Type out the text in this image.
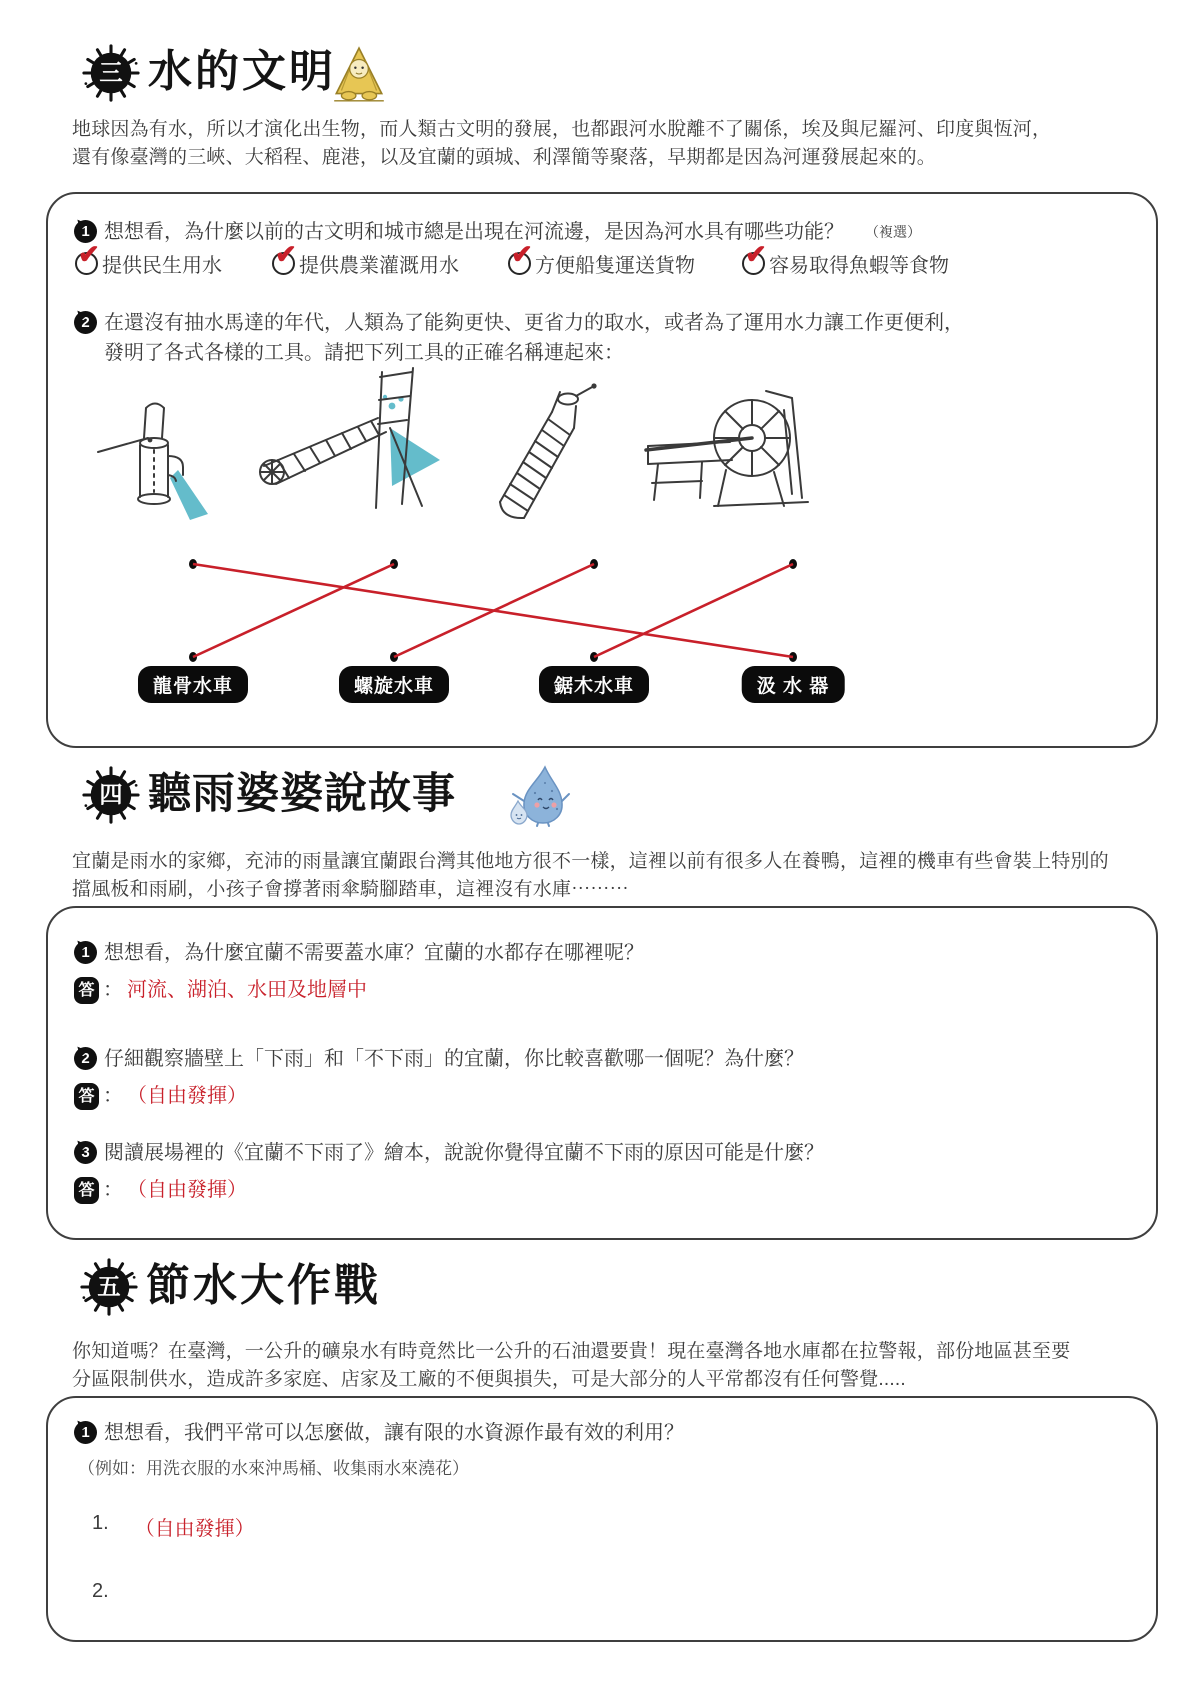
三 水的文明
地球因為有水，所以才演化出生物，而人類古文明的發展，也都跟河水脫離不了關係，埃及與尼羅河、印度與恆河，
還有像臺灣的三峽、大稻程、鹿港，以及宜蘭的頭城、利澤簡等聚落，早期都是因為河運發展起來的。
1 想想看，為什麼以前的古文明和城市總是出現在河流邊，是因為河水具有哪些功能？ （複選）
✔ 提供民生用水 ✔ 提供農業灌溉用水 ✔ 方便船隻運送貨物 ✔ 容易取得魚蝦等食物
2 在還沒有抽水馬達的年代，人類為了能夠更快、更省力的取水，或者為了運用水力讓工作更便利，
發明了各式各樣的工具。請把下列工具的正確名稱連起來：
龍骨水車	螺旋水車	鋸木水車	汲 水 器
四 聽雨婆婆說故事
宜蘭是雨水的家鄉，充沛的雨量讓宜蘭跟台灣其他地方很不一樣，這裡以前有很多人在養鴨，這裡的機車有些會裝上特別的
擋風板和雨刷，小孩子會撐著雨傘騎腳踏車，這裡沒有水庫⋯⋯⋯
1 想想看，為什麼宜蘭不需要蓋水庫？宜蘭的水都存在哪裡呢？
答 ： 河流、湖泊、水田及地層中
2 仔細觀察牆壁上「下雨」和「不下雨」的宜蘭，你比較喜歡哪一個呢？為什麼？
答 ： （自由發揮）
3 閱讀展場裡的《宜蘭不下雨了》繪本，說說你覺得宜蘭不下雨的原因可能是什麼？
答 ： （自由發揮）
五 節水大作戰
你知道嗎？在臺灣，一公升的礦泉水有時竟然比一公升的石油還要貴！現在臺灣各地水庫都在拉警報，部份地區甚至要
分區限制供水，造成許多家庭、店家及工廠的不便與損失，可是大部分的人平常都沒有任何警覺.....
1 想想看，我們平常可以怎麼做，讓有限的水資源作最有效的利用？
（例如：用洗衣服的水來沖馬桶、收集雨水來澆花）
1. （自由發揮）
2.
